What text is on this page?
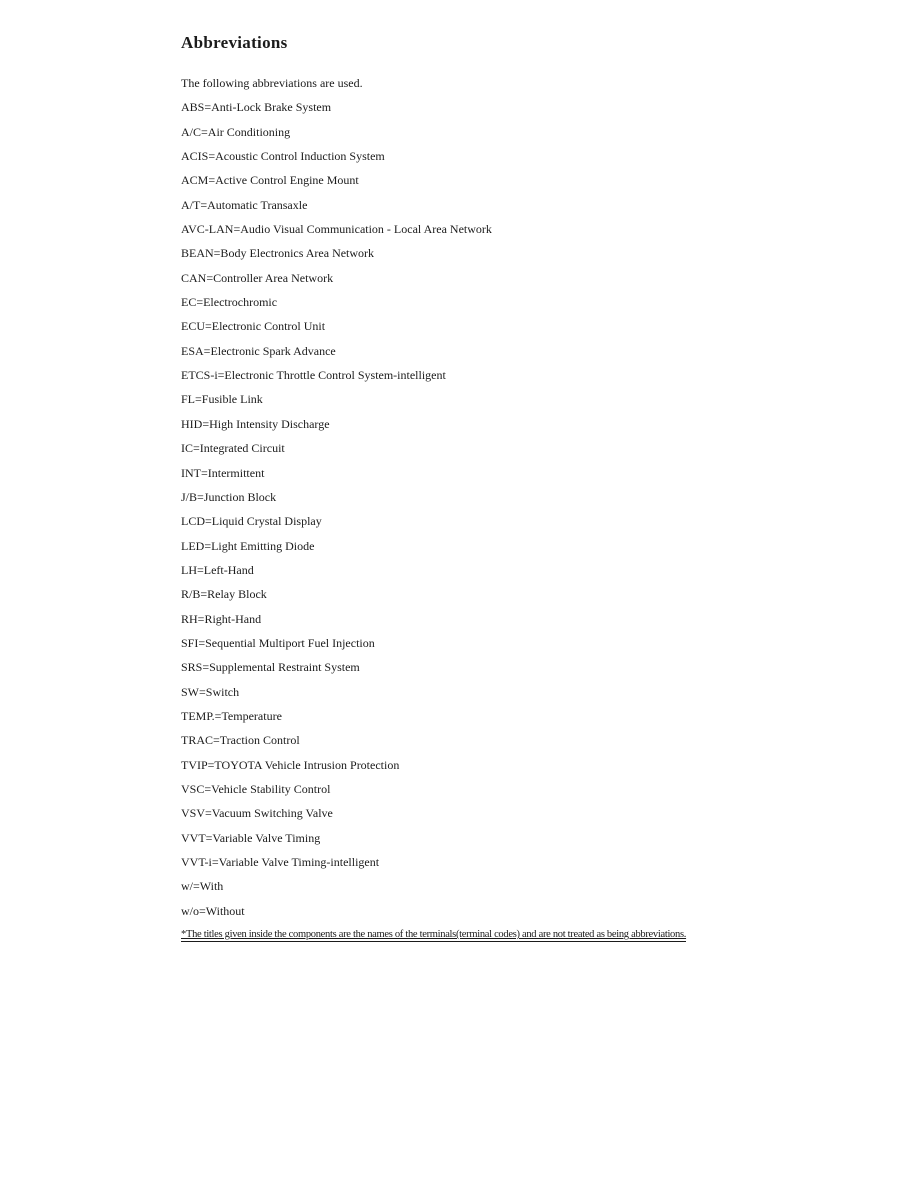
Abbreviations

The following abbreviations are used.

ABS=Anti-Lock Brake System

A/C=Air Conditioning

ACIS=Acoustic Control Induction System

ACM=Active Control Engine Mount

A/T=Automatic Transaxle

AVC-LAN=Audio Visual Communication - Local Area Network

BEAN=Body Electronics Area Network

CAN=Controller Area Network

EC=Electrochromic

ECU=Electronic Control Unit

ESA=Electronic Spark Advance

ETCS-i=Electronic Throttle Control System-intelligent

FL=Fusible Link

HID=High Intensity Discharge

IC=Integrated Circuit

INT=Intermittent

J/B=Junction Block

LCD=Liquid Crystal Display

LED=Light Emitting Diode

LH=Left-Hand

R/B=Relay Block

RH=Right-Hand

SFI=Sequential Multiport Fuel Injection

SRS=Supplemental Restraint System

SW=Switch

TEMP.=Temperature

TRAC=Traction Control

TVIP=TOYOTA Vehicle Intrusion Protection

VSC=Vehicle Stability Control

VSV=Vacuum Switching Valve

VVT=Variable Valve Timing

VVT-i=Variable Valve Timing-intelligent

w/=With

w/o=Without

*The titles given inside the components are the names of the terminals(terminal codes) and are not treated as being abbreviations.
